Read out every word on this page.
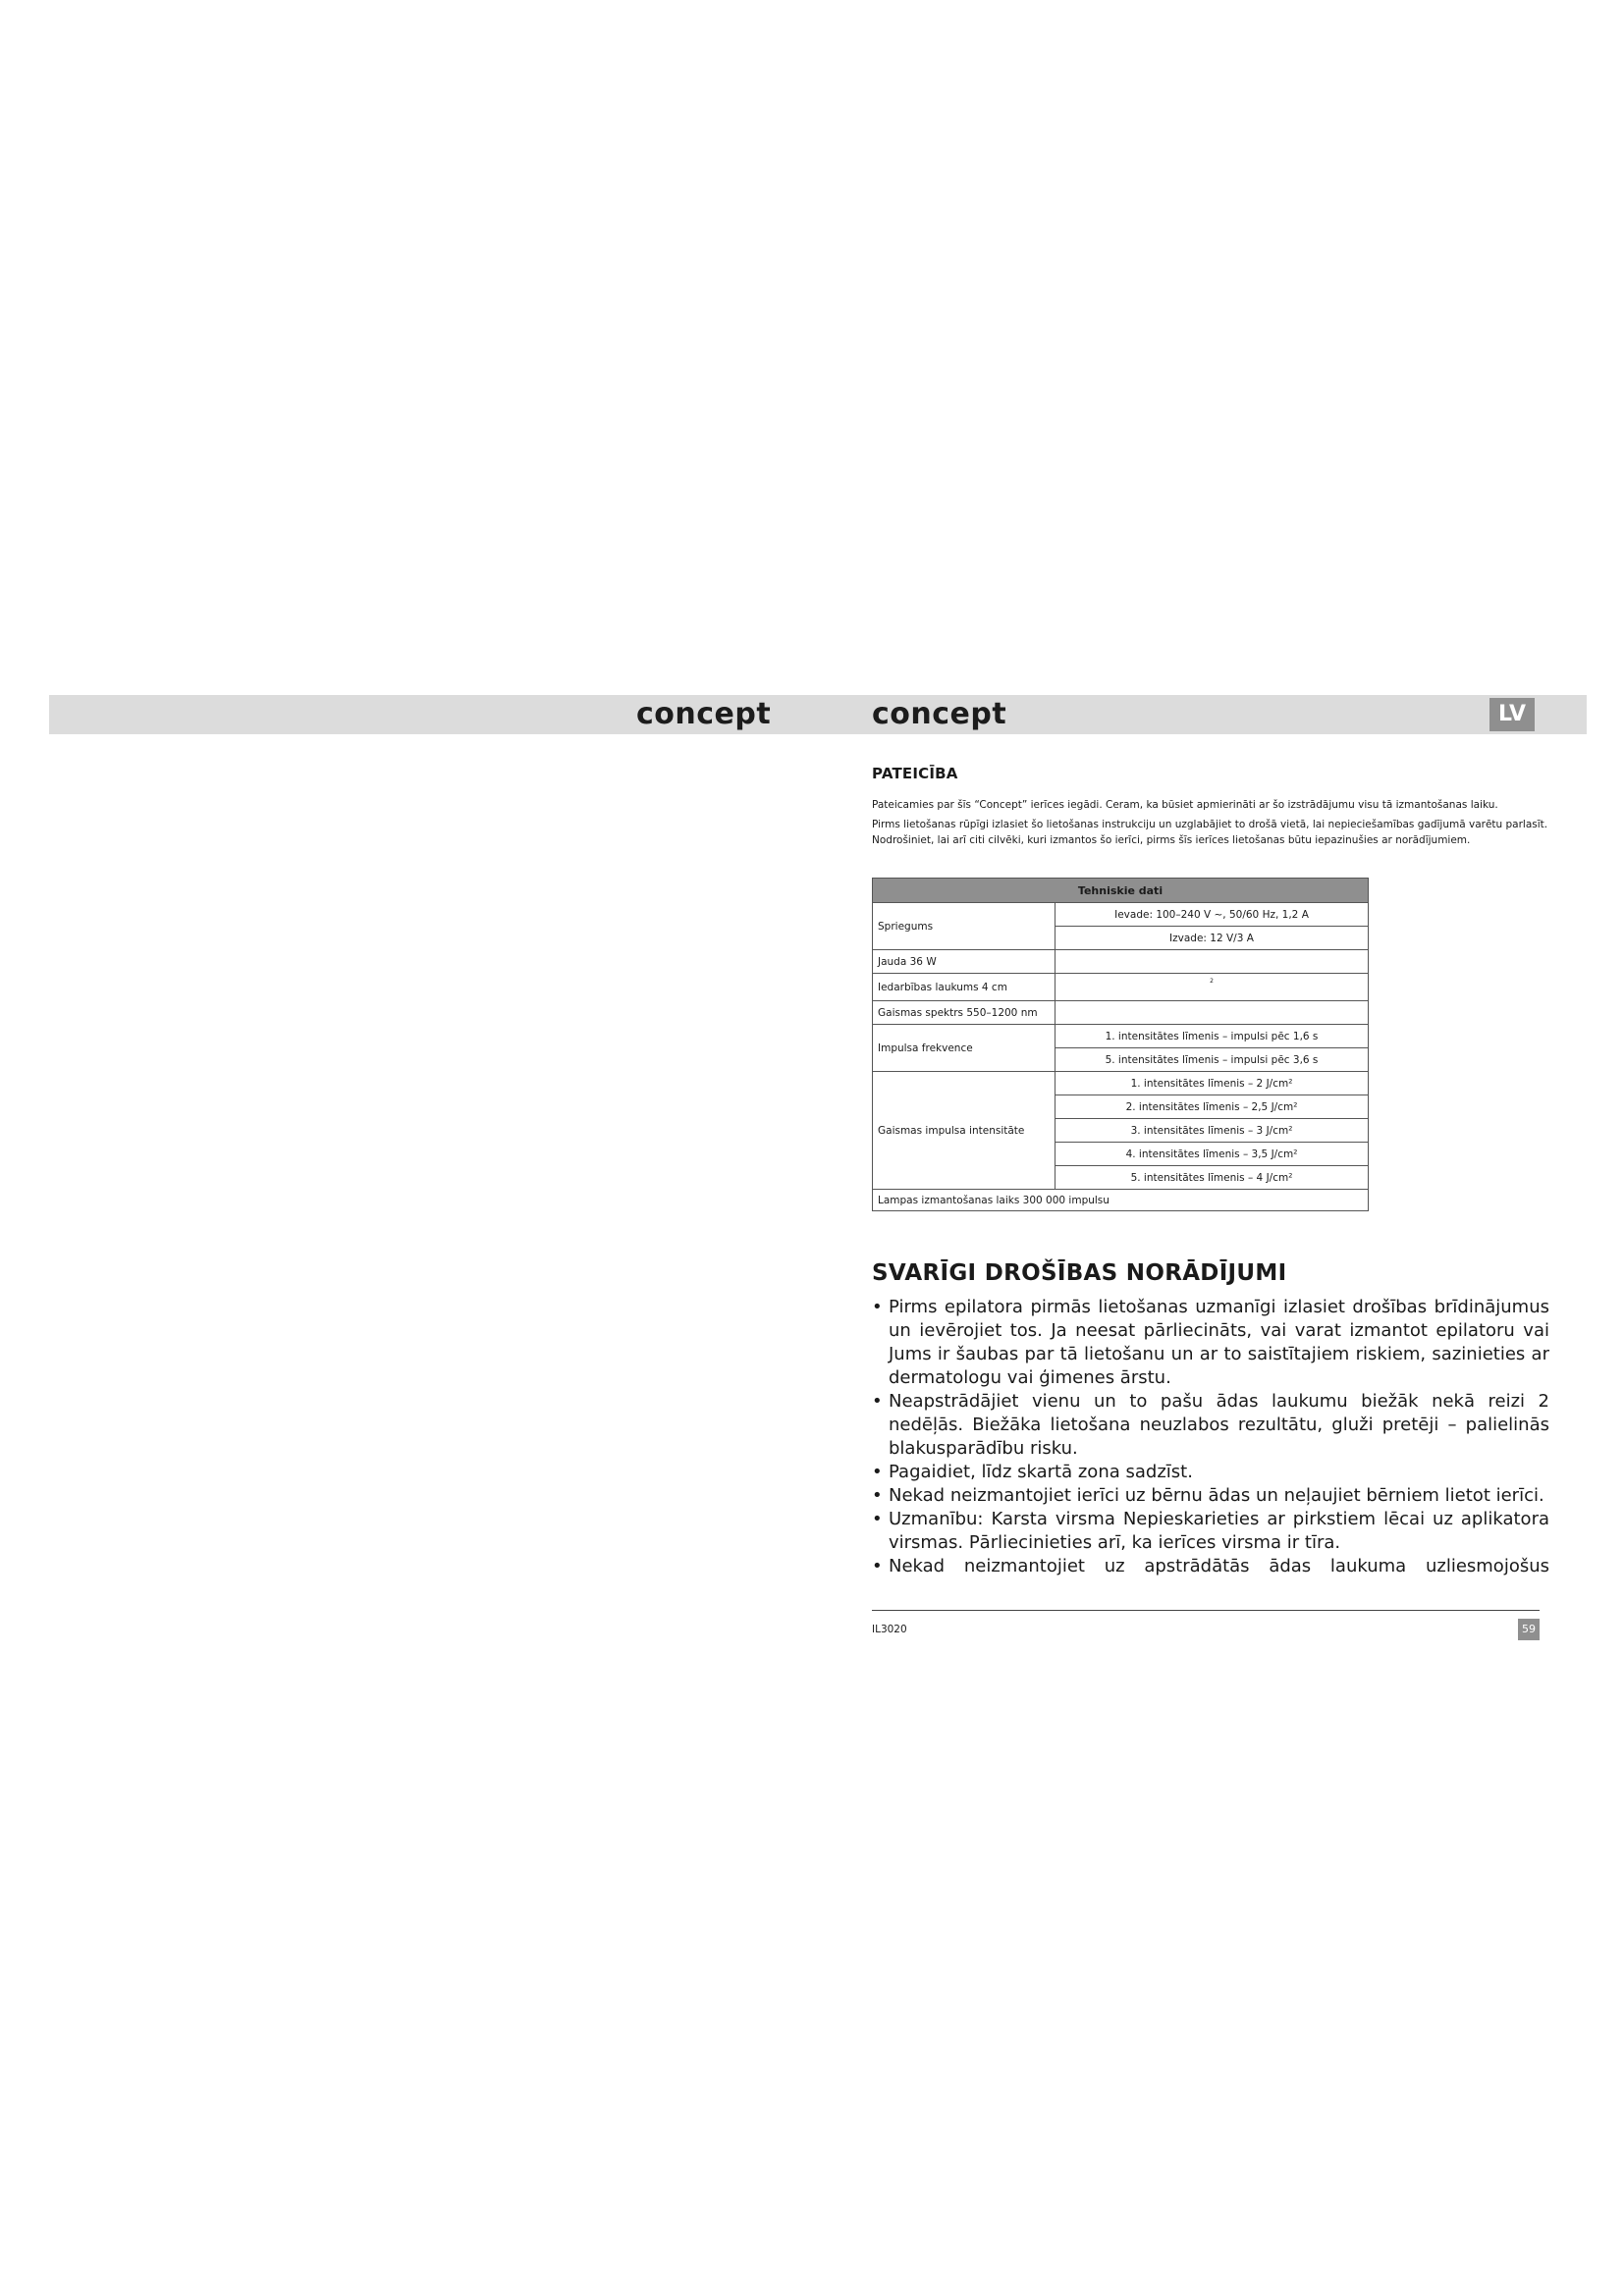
concept	concept	LV
PATEICĪBA

Pateicamies par šīs “Concept” ierīces iegādi. Ceram, ka būsiet apmierināti ar šo izstrādājumu visu tā izmantošanas laiku.

Pirms lietošanas rūpīgi izlasiet šo lietošanas instrukciju un uzglabājiet to drošā vietā, lai nepieciešamības gadījumā varētu parlasīt. Nodrošiniet, lai arī citi cilvēki, kuri izmantos šo ierīci, pirms šīs ierīces lietošanas būtu iepazinušies ar norādījumiem.

Tehniskie dati	
Spriegums	Ievade: 100–240 V ~, 50/60 Hz, 1,2 A
	Izvade: 12 V/3 A
Jauda 36 W	
Iedarbības laukums 4 cm	2
Gaismas spektrs 550–1200 nm	
Impulsa frekvence	1. intensitātes līmenis – impulsi pēc 1,6 s
	5. intensitātes līmenis – impulsi pēc 3,6 s
Gaismas impulsa intensitāte	1. intensitātes līmenis – 2 J/cm²
	2. intensitātes līmenis – 2,5 J/cm²
	3. intensitātes līmenis – 3 J/cm²
	4. intensitātes līmenis – 3,5 J/cm²
	5. intensitātes līmenis – 4 J/cm²
Lampas izmantošanas laiks 300 000 impulsu	
SVARĪGI DROŠĪBAS NORĀDĪJUMI
• Pirms epilatora pirmās lietošanas uzmanīgi izlasiet drošības brīdinājumus un ievērojiet tos. Ja neesat pārliecināts, vai varat izmantot epilatoru vai Jums ir šaubas par tā lietošanu un ar to saistītajiem riskiem, sazinieties ar dermatologu vai ģimenes ārstu.
• Neapstrādājiet vienu un to pašu ādas laukumu biežāk nekā reizi 2 nedēļās. Biežāka lietošana neuzlabos rezultātu, gluži pretēji – palielinās blakusparādību risku.
• Pagaidiet, līdz skartā zona sadzīst.
• Nekad neizmantojiet ierīci uz bērnu ādas un neļaujiet bērniem lietot ierīci.
• Uzmanību: Karsta virsma Nepieskarieties ar pirkstiem lēcai uz aplikatora virsmas. Pārliecinieties arī, ka ierīces virsma ir tīra.
• Nekad neizmantojiet uz apstrādātās ādas laukuma uzliesmojošus
IL3020	59
